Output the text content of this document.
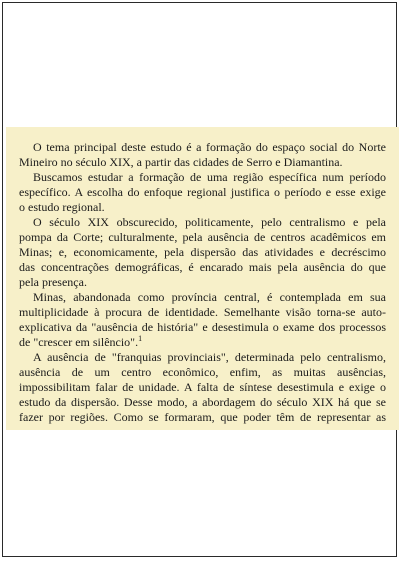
O tema principal deste estudo é a formação do espaço social do Norte
Mineiro no século XIX, a partir das cidades de Serro e Diamantina.
Buscamos estudar a formação de uma região específica num período
específico. A escolha do enfoque regional justifica o período e esse exige
o estudo regional.
O século XIX obscurecido, politicamente, pelo centralismo e pela
pompa da Corte; culturalmente, pela ausência de centros acadêmicos em
Minas; e, economicamente, pela dispersão das atividades e decréscimo
das concentrações demográficas, é encarado mais pela ausência do que
pela presença.
Minas, abandonada como província central, é contemplada em sua
multiplicidade à procura de identidade. Semelhante visão torna-se auto-
explicativa da "ausência de história" e desestimula o exame dos processos
de "crescer em silêncio".$^1$
A ausência de "franquias provinciais", determinada pelo centralismo,
ausência de um centro econômico, enfim, as muitas ausências,
impossibilitam falar de unidade. A falta de síntese desestimula e exige o
estudo da dispersão. Desse modo, a abordagem do século XIX há que se
fazer por regiões. Como se formaram, que poder têm de representar as
